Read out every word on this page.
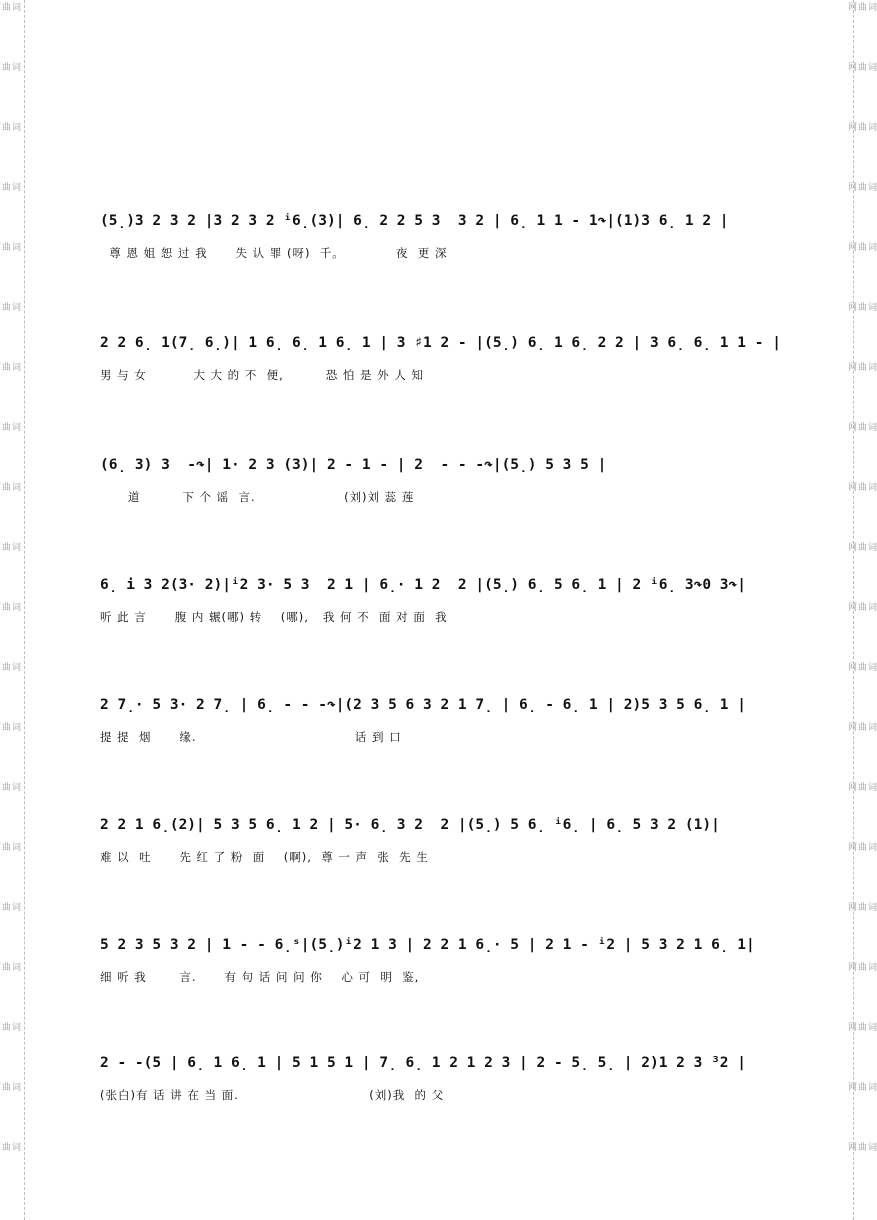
词曲
词曲
词曲
词曲
词曲
词曲
词曲
词曲
词曲
词曲
词曲
词曲
词曲
词曲
词曲
词曲
词曲
词曲
词曲
词曲
词曲网
词曲网
词曲网
词曲网
词曲网
词曲网
词曲网
词曲网
词曲网
词曲网
词曲网
词曲网
词曲网
词曲网
词曲网
词曲网
词曲网
词曲网
词曲网
词曲网
(5̣)3 2 3 2 |3 2 3 2 ⁱ6̣(3)| 6̣ 2 2 5 3  3 2 | 6̣ 1 1 - 1↷|(1)3 6̣ 1 2 |
尊 恩 姐 恕 过 我      失 认 罪 (呀)  千。           夜  更 深
2 2 6̣ 1(7̣ 6̣)| 1 6̣ 6̣ 1 6̣ 1 | 3 ♯1 2 - |(5̣) 6̣ 1 6̣ 2 2 | 3 6̣ 6̣ 1 1 - |
男 与 女          大 大 的 不  便,         恐 怕 是 外 人 知
(6̣ 3) 3  -↷| 1· 2 3 (3)| 2 - 1 - | 2  - - -↷|(5̣) 5 3 5 |
道         下 个 谣  言.                   (刘)刘 蕊 莲
6̣ i 3 2(3· 2)|ⁱ2 3· 5 3  2 1 | 6̣· 1 2  2 |(5̣) 6̣ 5 6̣ 1 | 2 ⁱ6̣ 3↷0 3↷|
听 此 言      腹 内 辗(哪) 转    (哪),   我 何 不  面 对 面  我
2 7̣· 5 3· 2 7̣ | 6̣ - - -↷|(2 3 5 6 3 2 1 7̣ | 6̣ - 6̣ 1 | 2)5 3 5 6̣ 1 |
提 提  烟      缘.                                  话 到 口
2 2 1 6̣(2)| 5 3 5 6̣ 1 2 | 5· 6̣ 3 2  2 |(5̣) 5 6̣ ⁱ6̣ | 6̣ 5 3 2 (1)|
难 以  吐      先 红 了 粉  面    (啊),  尊 一 声  张  先 生
5 2 3 5 3 2 | 1 - - 6̣ˢ|(5̣)ⁱ2 1 3 | 2 2 1 6̣· 5 | 2 1 - ⁱ2 | 5 3 2 1 6̣ 1|
细 听 我       言.      有 句 话 问 问 你    心 可  明  鉴,
2 - -(5 | 6̣ 1 6̣ 1 | 5 1 5 1 | 7̣ 6̣ 1 2 1 2 3 | 2 - 5̣ 5̣ | 2)1 2 3 ³2 |
(张白)有 话 讲 在 当 面.                            (刘)我  的 父
